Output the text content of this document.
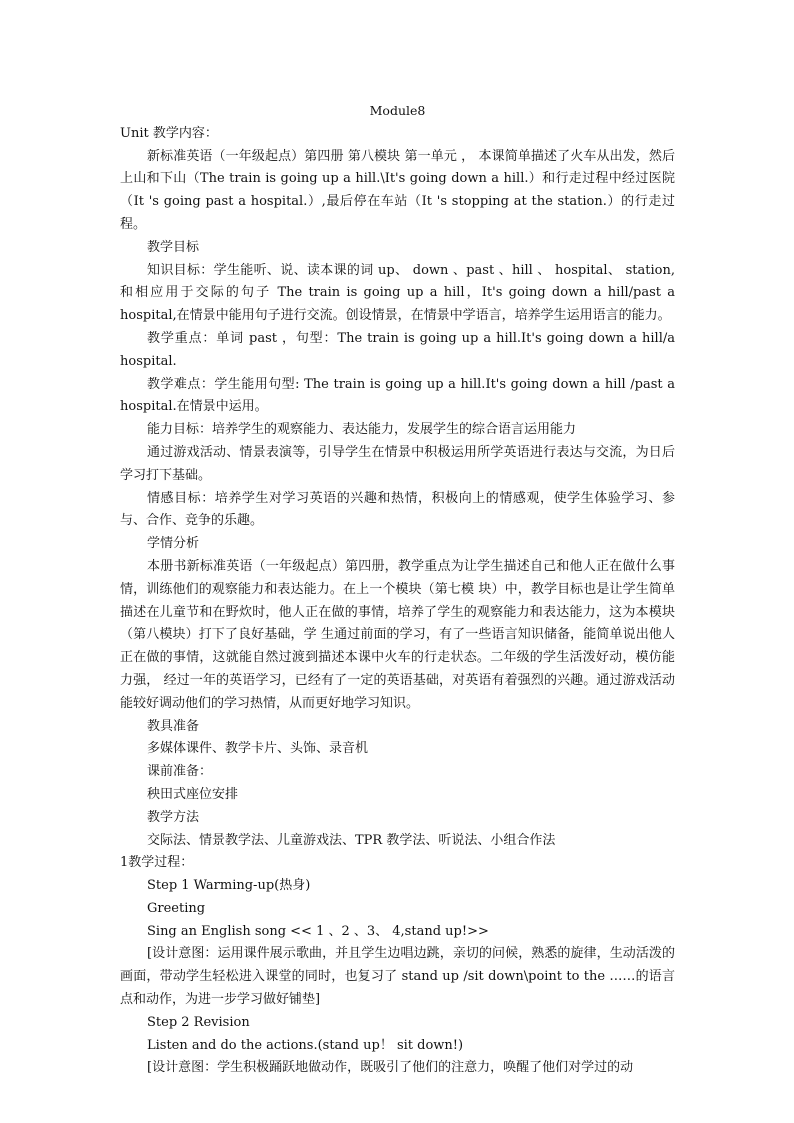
Module8

Unit 教学内容：

新标准英语（一年级起点）第四册 第八模块 第一单元 ， 本课简单描述了火车从出发，然后上山和下山（The train is going up a hill.\It's going down a hill.）和行走过程中经过医院（It 's going past a hospital.）,最后停在车站（It 's stopping at the station.）的行走过程。

教学目标

知识目标：学生能听、说、读本课的词 up、 down 、past 、hill 、 hospital、 station,和相应用于交际的句子 The train is going up a hill，It's going down a hill/past a hospital,在情景中能用句子进行交流。创设情景，在情景中学语言，培养学生运用语言的能力。

教学重点：单词 past ，句型：The train is going up a hill.It's going down a hill/a hospital.

教学难点：学生能用句型: The train is going up a hill.It's going down a hill /past a hospital.在情景中运用。

能力目标：培养学生的观察能力、表达能力，发展学生的综合语言运用能力

通过游戏活动、情景表演等，引导学生在情景中积极运用所学英语进行表达与交流，为日后学习打下基础。

情感目标：培养学生对学习英语的兴趣和热情，积极向上的情感观，使学生体验学习、参与、合作、竞争的乐趣。

学情分析

本册书新标准英语（一年级起点）第四册，教学重点为让学生描述自己和他人正在做什么事情，训练他们的观察能力和表达能力。在上一个模块（第七模 块）中，教学目标也是让学生简单描述在儿童节和在野炊时，他人正在做的事情，培养了学生的观察能力和表达能力，这为本模块（第八模块）打下了良好基础，学 生通过前面的学习，有了一些语言知识储备，能简单说出他人正在做的事情，这就能自然过渡到描述本课中火车的行走状态。二年级的学生活泼好动，模仿能力强， 经过一年的英语学习，已经有了一定的英语基础，对英语有着强烈的兴趣。通过游戏活动能较好调动他们的学习热情，从而更好地学习知识。

教具准备

多媒体课件、教学卡片、头饰、录音机

课前准备：

秧田式座位安排

教学方法

交际法、情景教学法、儿童游戏法、TPR 教学法、听说法、小组合作法

1教学过程：

Step 1 Warming-up(热身)

Greeting

Sing an English song << 1 、2 、3、 4,stand up!>>

[设计意图：运用课件展示歌曲，并且学生边唱边跳，亲切的问候，熟悉的旋律，生动活泼的画面，带动学生轻松进入课堂的同时，也复习了 stand up /sit down\point to the ……的语言点和动作，为进一步学习做好铺垫]

Step 2 Revision

Listen and do the actions.(stand up！ sit down!)

[设计意图：学生积极踊跃地做动作，既吸引了他们的注意力，唤醒了他们对学过的动
